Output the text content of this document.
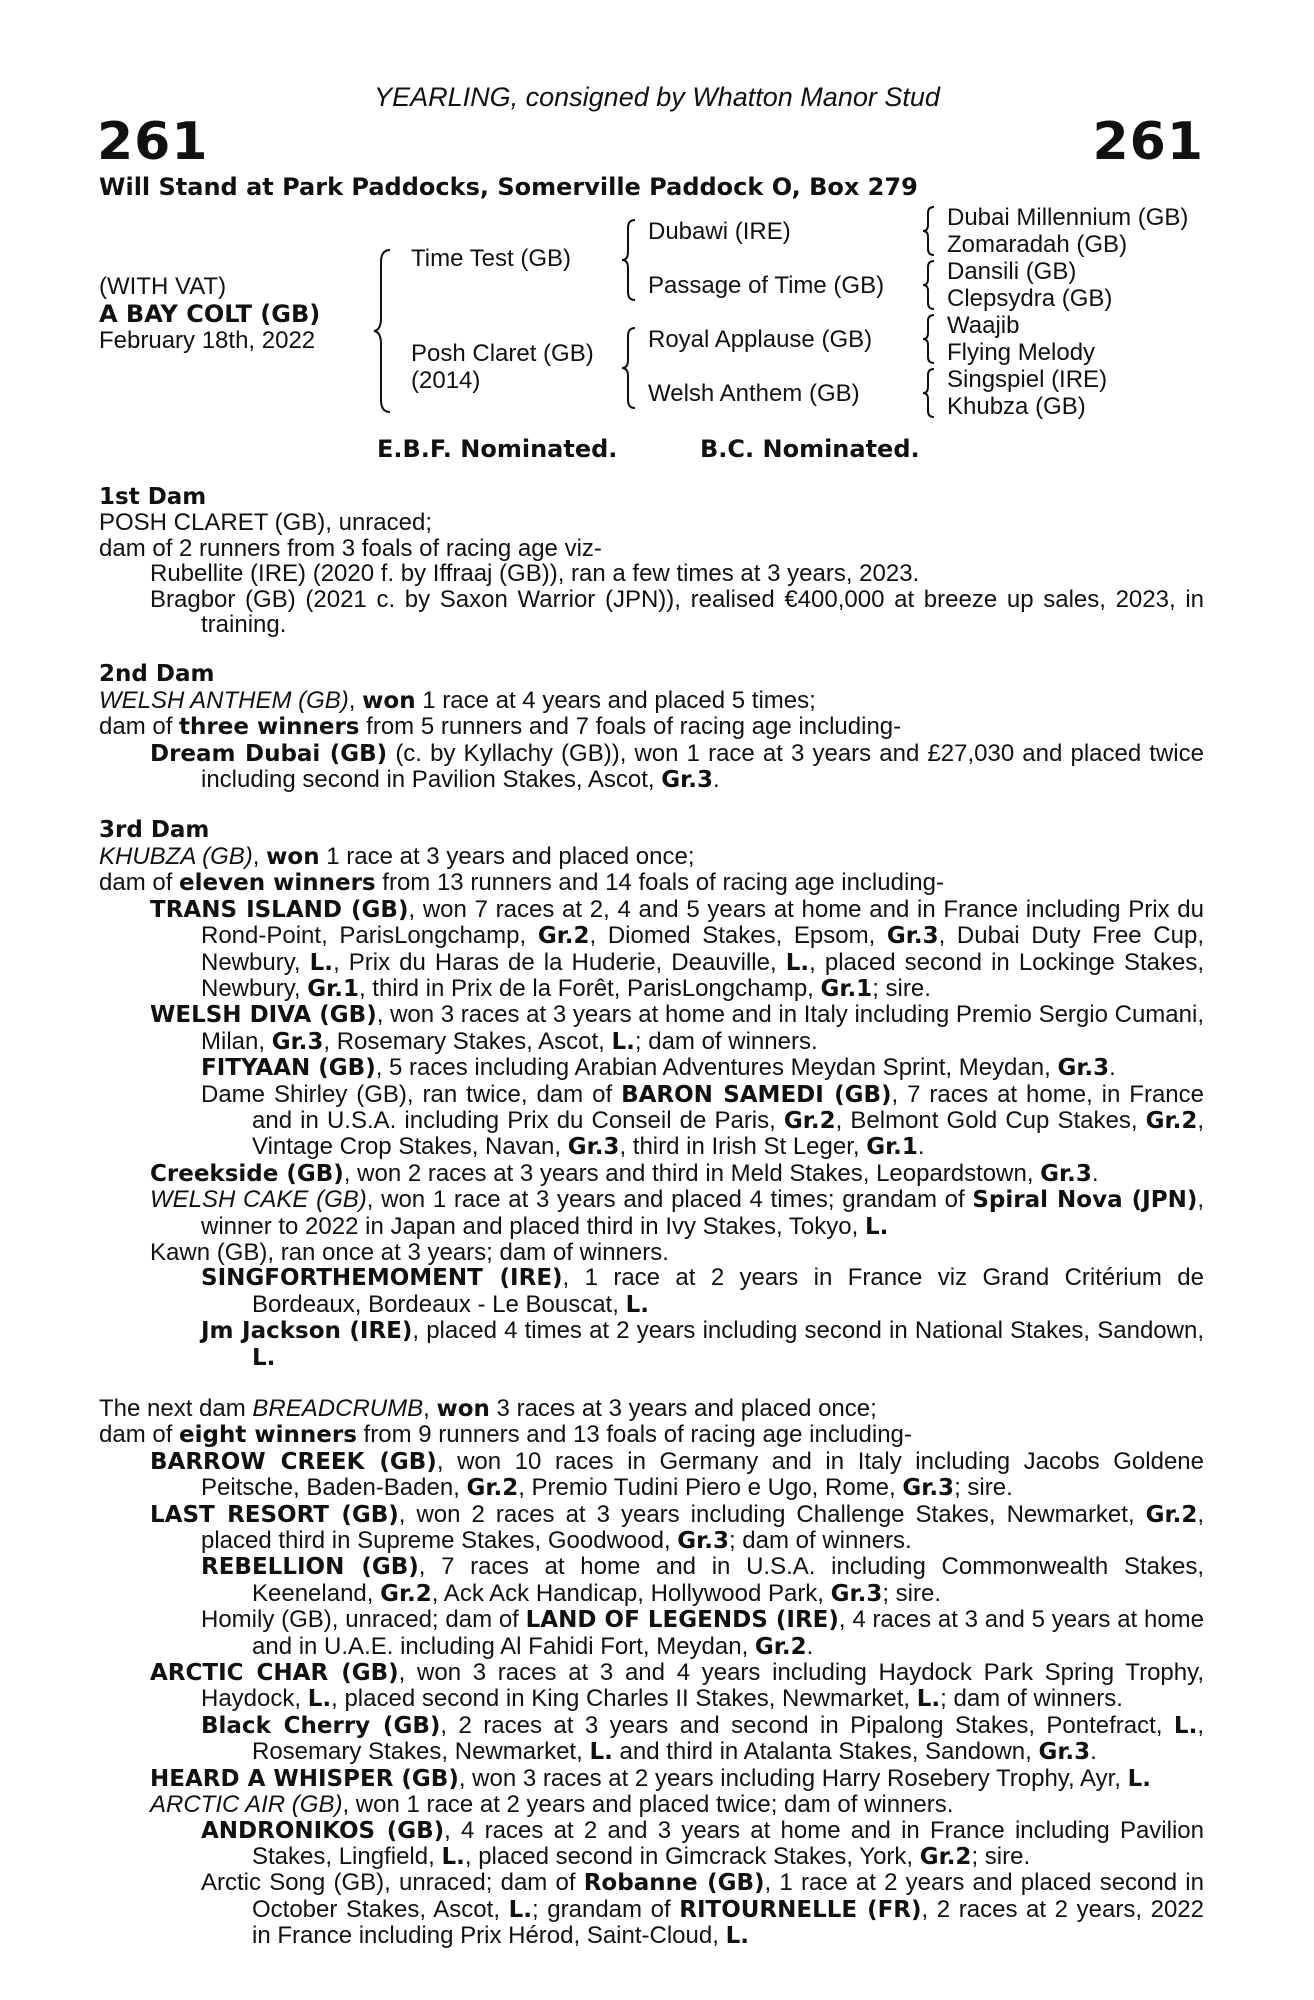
YEARLING, consigned by Whatton Manor Stud
261	261
Will Stand at Park Paddocks, Somerville Paddock O, Box 279
(WITH VAT)
A BAY COLT (GB)
February 18th, 2022
Time Test (GB)
Posh Claret (GB)
(2014)
Dubawi (IRE)
Passage of Time (GB)
Royal Applause (GB)
Welsh Anthem (GB)
Dubai Millennium (GB)
Zomaradah (GB)
Dansili (GB)
Clepsydra (GB)
Waajib
Flying Melody
Singspiel (IRE)
Khubza (GB)
E.B.F. Nominated.	B.C. Nominated.

1st Dam

POSH CLARET (GB), unraced;

dam of 2 runners from 3 foals of racing age viz-

Rubellite (IRE) (2020 f. by Iffraaj (GB)), ran a few times at 3 years, 2023.

Bragbor (GB) (2021 c. by Saxon Warrior (JPN)), realised €400,000 at breeze up sales, 2023, in training.

2nd Dam

WELSH ANTHEM (GB), won 1 race at 4 years and placed 5 times;

dam of three winners from 5 runners and 7 foals of racing age including-

Dream Dubai (GB) (c. by Kyllachy (GB)), won 1 race at 3 years and £27,030 and placed twice including second in Pavilion Stakes, Ascot, Gr.3.

3rd Dam

KHUBZA (GB), won 1 race at 3 years and placed once;

dam of eleven winners from 13 runners and 14 foals of racing age including-

TRANS ISLAND (GB), won 7 races at 2, 4 and 5 years at home and in France including Prix du Rond-Point, ParisLongchamp, Gr.2, Diomed Stakes, Epsom, Gr.3, Dubai Duty Free Cup, Newbury, L., Prix du Haras de la Huderie, Deauville, L., placed second in Lockinge Stakes, Newbury, Gr.1, third in Prix de la Forêt, ParisLongchamp, Gr.1; sire.

WELSH DIVA (GB), won 3 races at 3 years at home and in Italy including Premio Sergio Cumani, Milan, Gr.3, Rosemary Stakes, Ascot, L.; dam of winners.

FITYAAN (GB), 5 races including Arabian Adventures Meydan Sprint, Meydan, Gr.3.

Dame Shirley (GB), ran twice, dam of BARON SAMEDI (GB), 7 races at home, in France and in U.S.A. including Prix du Conseil de Paris, Gr.2, Belmont Gold Cup Stakes, Gr.2, Vintage Crop Stakes, Navan, Gr.3, third in Irish St Leger, Gr.1.

Creekside (GB), won 2 races at 3 years and third in Meld Stakes, Leopardstown, Gr.3.

WELSH CAKE (GB), won 1 race at 3 years and placed 4 times; grandam of Spiral Nova (JPN), winner to 2022 in Japan and placed third in Ivy Stakes, Tokyo, L.

Kawn (GB), ran once at 3 years; dam of winners.

SINGFORTHEMOMENT (IRE), 1 race at 2 years in France viz Grand Critérium de Bordeaux, Bordeaux - Le Bouscat, L.

Jm Jackson (IRE), placed 4 times at 2 years including second in National Stakes, Sandown, L.

The next dam BREADCRUMB, won 3 races at 3 years and placed once;

dam of eight winners from 9 runners and 13 foals of racing age including-

BARROW CREEK (GB), won 10 races in Germany and in Italy including Jacobs Goldene Peitsche, Baden-Baden, Gr.2, Premio Tudini Piero e Ugo, Rome, Gr.3; sire.

LAST RESORT (GB), won 2 races at 3 years including Challenge Stakes, Newmarket, Gr.2, placed third in Supreme Stakes, Goodwood, Gr.3; dam of winners.

REBELLION (GB), 7 races at home and in U.S.A. including Commonwealth Stakes, Keeneland, Gr.2, Ack Ack Handicap, Hollywood Park, Gr.3; sire.

Homily (GB), unraced; dam of LAND OF LEGENDS (IRE), 4 races at 3 and 5 years at home and in U.A.E. including Al Fahidi Fort, Meydan, Gr.2.

ARCTIC CHAR (GB), won 3 races at 3 and 4 years including Haydock Park Spring Trophy, Haydock, L., placed second in King Charles II Stakes, Newmarket, L.; dam of winners.

Black Cherry (GB), 2 races at 3 years and second in Pipalong Stakes, Pontefract, L., Rosemary Stakes, Newmarket, L. and third in Atalanta Stakes, Sandown, Gr.3.

HEARD A WHISPER (GB), won 3 races at 2 years including Harry Rosebery Trophy, Ayr, L.

ARCTIC AIR (GB), won 1 race at 2 years and placed twice; dam of winners.

ANDRONIKOS (GB), 4 races at 2 and 3 years at home and in France including Pavilion Stakes, Lingfield, L., placed second in Gimcrack Stakes, York, Gr.2; sire.

Arctic Song (GB), unraced; dam of Robanne (GB), 1 race at 2 years and placed second in October Stakes, Ascot, L.; grandam of RITOURNELLE (FR), 2 races at 2 years, 2022 in France including Prix Hérod, Saint-Cloud, L.
